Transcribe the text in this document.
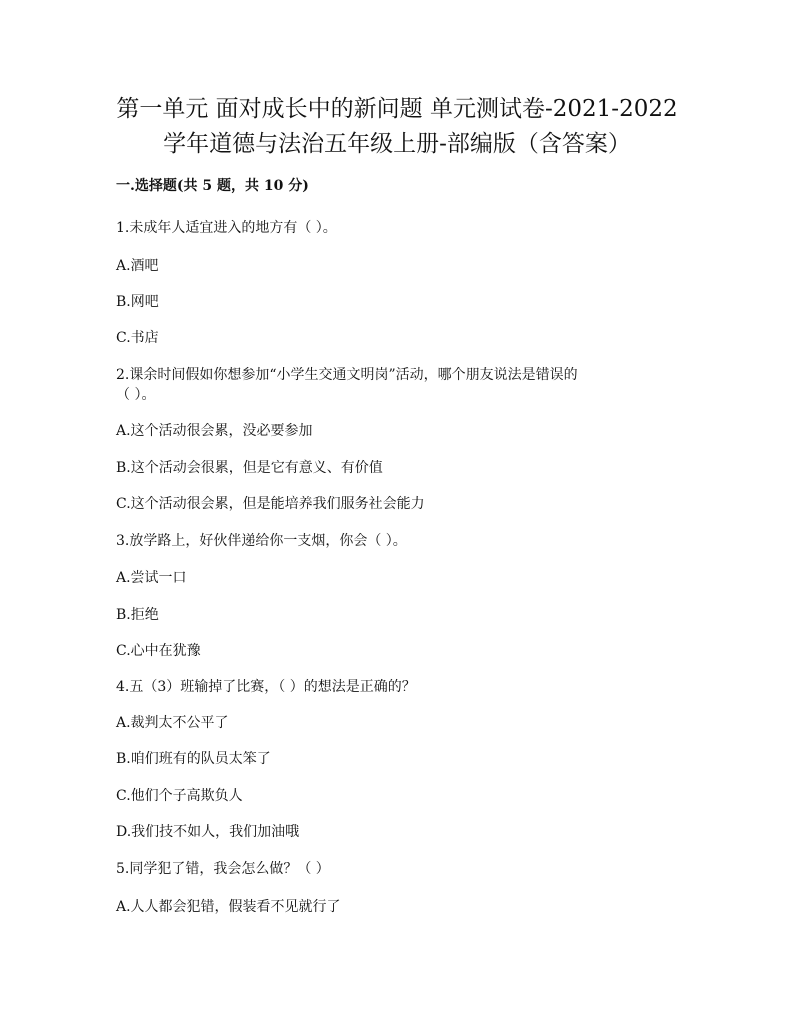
第一单元 面对成长中的新问题 单元测试卷-2021-2022
学年道德与法治五年级上册-部编版（含答案）
一.选择题(共 5 题，共 10 分)
1.未成年人适宜进入的地方有（ ）。
A.酒吧
B.网吧
C.书店
2.课余时间假如你想参加“小学生交通文明岗”活动，哪个朋友说法是错误的
（ ）。
A.这个活动很会累，没必要参加
B.这个活动会很累，但是它有意义、有价值
C.这个活动很会累，但是能培养我们服务社会能力
3.放学路上，好伙伴递给你一支烟，你会（ ）。
A.尝试一口
B.拒绝
C.心中在犹豫
4.五（3）班输掉了比赛，（ ）的想法是正确的？
A.裁判太不公平了
B.咱们班有的队员太笨了
C.他们个子高欺负人
D.我们技不如人，我们加油哦
5.同学犯了错，我会怎么做？（ ）
A.人人都会犯错，假装看不见就行了
